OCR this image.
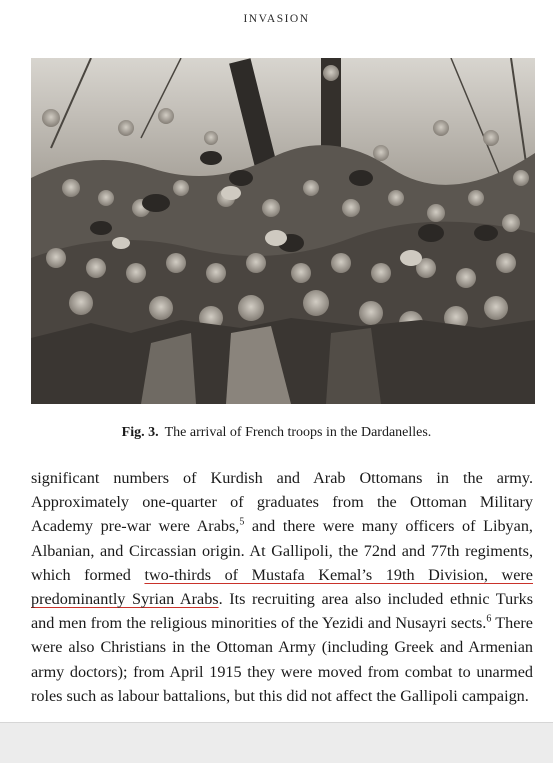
INVASION
Fig. 3. The arrival of French troops in the Dardanelles.

significant numbers of Kurdish and Arab Ottomans in the army. Approximately one-quarter of graduates from the Ottoman Military Academy pre-war were Arabs,$^5$ and there were many officers of Libyan, Albanian, and Circassian origin. At Gallipoli, the 72nd and 77th regiments, which formed two-thirds of Mustafa Kemal’s 19th Division, were predominantly Syrian Arabs. Its recruiting area also included ethnic Turks and men from the religious minorities of the Yezidi and Nusayri sects.$^6$ There were also Christians in the Ottoman Army (including Greek and Armenian army doctors); from April 1915 they were moved from combat to unarmed roles such as labour battalions, but this did not affect the Gallipoli campaign.
